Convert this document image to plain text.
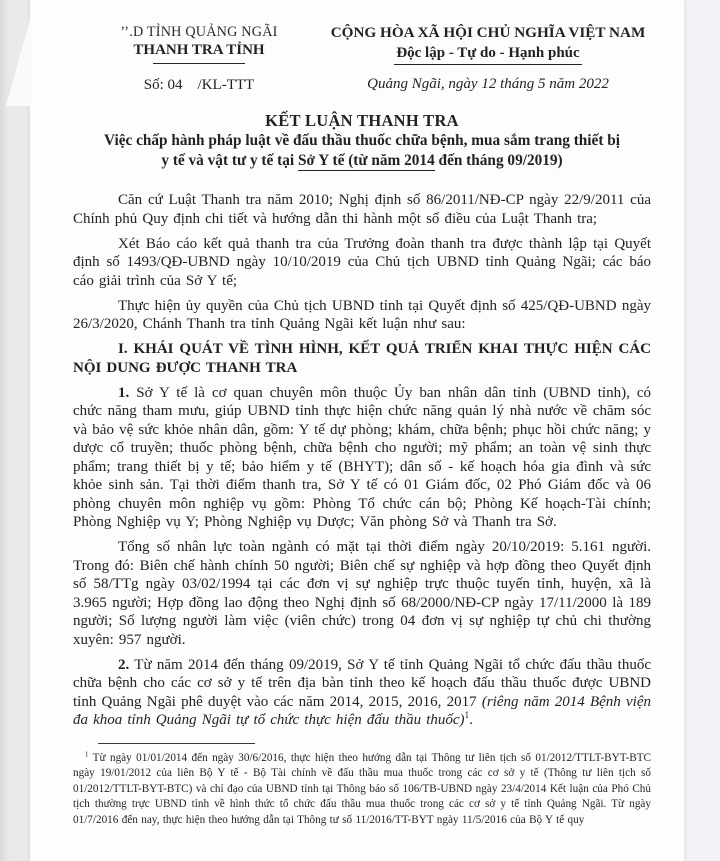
’’.D TỈNH QUẢNG NGÃI
THANH TRA TỈNH
Số: 04    /KL-TTT
CỘNG HÒA XÃ HỘI CHỦ NGHĨA VIỆT NAM
Độc lập - Tự do - Hạnh phúc
Quảng Ngãi, ngày 12 tháng 5 năm 2022
KẾT LUẬN THANH TRA
Việc chấp hành pháp luật về đấu thầu thuốc chữa bệnh, mua sắm trang thiết bị
y tế và vật tư y tế tại Sở Y tế (từ năm 2014 đến tháng 09/2019)

Căn cứ Luật Thanh tra năm 2010; Nghị định số 86/2011/NĐ-CP ngày 22/9/2011 của Chính phủ Quy định chi tiết và hướng dẫn thi hành một số điều của Luật Thanh tra;

Xét Báo cáo kết quả thanh tra của Trưởng đoàn thanh tra được thành lập tại Quyết định số 1493/QĐ-UBND ngày 10/10/2019 của Chủ tịch UBND tỉnh Quảng Ngãi; các báo cáo giải trình của Sở Y tế;

Thực hiện ủy quyền của Chủ tịch UBND tỉnh tại Quyết định số 425/QĐ-UBND ngày 26/3/2020, Chánh Thanh tra tỉnh Quảng Ngãi kết luận như sau:

I. KHÁI QUÁT VỀ TÌNH HÌNH, KẾT QUẢ TRIỂN KHAI THỰC HIỆN CÁC NỘI DUNG ĐƯỢC THANH TRA

1. Sở Y tế là cơ quan chuyên môn thuộc Ủy ban nhân dân tỉnh (UBND tỉnh), có chức năng tham mưu, giúp UBND tỉnh thực hiện chức năng quản lý nhà nước về chăm sóc và bảo vệ sức khỏe nhân dân, gồm: Y tế dự phòng; khám, chữa bệnh; phục hồi chức năng; y dược cổ truyền; thuốc phòng bệnh, chữa bệnh cho người; mỹ phẩm; an toàn vệ sinh thực phẩm; trang thiết bị y tế; bảo hiểm y tế (BHYT); dân số - kế hoạch hóa gia đình và sức khỏe sinh sản. Tại thời điểm thanh tra, Sở Y tế có 01 Giám đốc, 02 Phó Giám đốc và 06 phòng chuyên môn nghiệp vụ gồm: Phòng Tổ chức cán bộ; Phòng Kế hoạch-Tài chính; Phòng Nghiệp vụ Y; Phòng Nghiệp vụ Dược; Văn phòng Sở và Thanh tra Sở.

Tổng số nhân lực toàn ngành có mặt tại thời điểm ngày 20/10/2019: 5.161 người. Trong đó: Biên chế hành chính 50 người; Biên chế sự nghiệp và hợp đồng theo Quyết định số 58/TTg ngày 03/02/1994 tại các đơn vị sự nghiệp trực thuộc tuyến tỉnh, huyện, xã là 3.965 người; Hợp đồng lao động theo Nghị định số 68/2000/NĐ-CP ngày 17/11/2000 là 189 người; Số lượng người làm việc (viên chức) trong 04 đơn vị sự nghiệp tự chủ chi thường xuyên: 957 người.

2. Từ năm 2014 đến tháng 09/2019, Sở Y tế tỉnh Quảng Ngãi tổ chức đấu thầu thuốc chữa bệnh cho các cơ sở y tế trên địa bàn tỉnh theo kế hoạch đấu thầu thuốc được UBND tỉnh Quảng Ngãi phê duyệt vào các năm 2014, 2015, 2016, 2017 (riêng năm 2014 Bệnh viện đa khoa tỉnh Quảng Ngãi tự tổ chức thực hiện đấu thầu thuốc)$^1$.

$^1$ Từ ngày 01/01/2014 đến ngày 30/6/2016, thực hiện theo hướng dẫn tại Thông tư liên tịch số 01/2012/TTLT-BYT-BTC ngày 19/01/2012 của liên Bộ Y tế - Bộ Tài chính về đấu thầu mua thuốc trong các cơ sở y tế (Thông tư liên tịch số 01/2012/TTLT-BYT-BTC) và chỉ đạo của UBND tỉnh tại Thông báo số 106/TB-UBND ngày 23/4/2014 Kết luận của Phó Chủ tịch thường trực UBND tỉnh về hình thức tổ chức đấu thầu mua thuốc trong các cơ sở y tế tỉnh Quảng Ngãi. Từ ngày 01/7/2016 đến nay, thực hiện theo hướng dẫn tại Thông tư số 11/2016/TT-BYT ngày 11/5/2016 của Bộ Y tế quy
